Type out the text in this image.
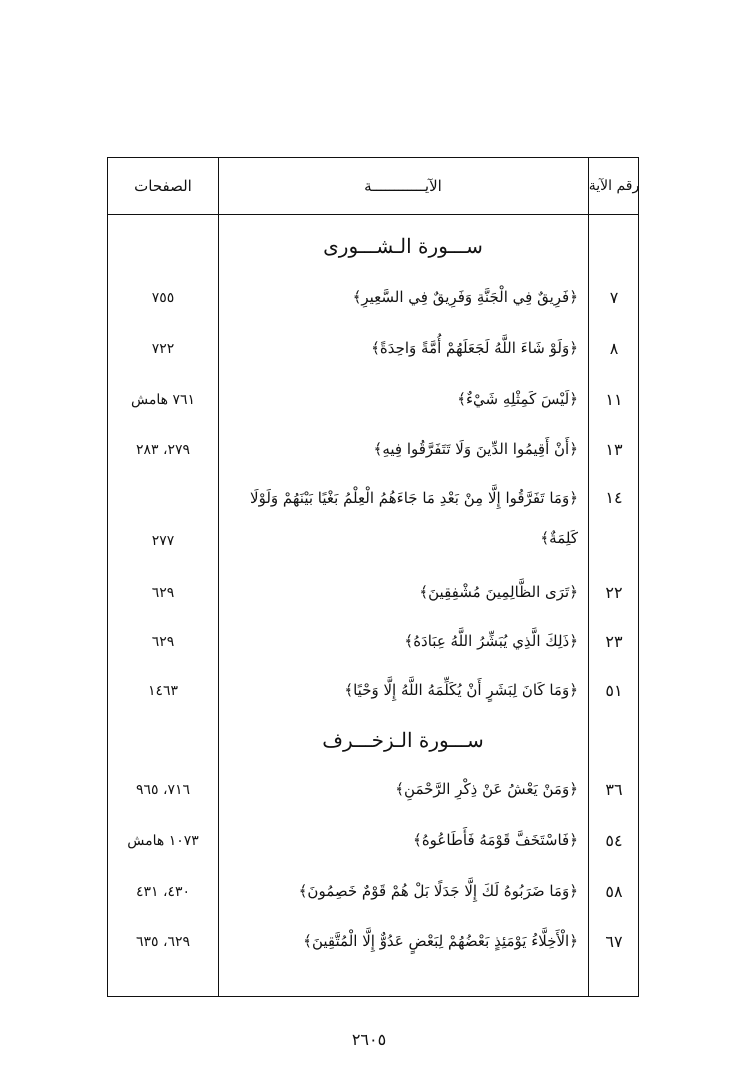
الصفحات	الآيــــــــــــة	رقم الآية
ســـورة الـشـــورى
٧
﴿فَرِيقٌ فِي الْجَنَّةِ وَفَرِيقٌ فِي السَّعِيرِ﴾
٧٥٥
٨
﴿وَلَوْ شَاءَ اللَّهُ لَجَعَلَهُمْ أُمَّةً وَاحِدَةً﴾
٧٢٢
١١
﴿لَيْسَ كَمِثْلِهِ شَيْءٌ﴾
٧٦١ هامش
١٣
﴿أَنْ أَقِيمُوا الدِّينَ وَلَا تَتَفَرَّقُوا فِيهِ﴾
٢٧٩، ٢٨٣
١٤
﴿وَمَا تَفَرَّقُوا إِلَّا مِنْ بَعْدِ مَا جَاءَهُمُ الْعِلْمُ بَغْيًا بَيْنَهُمْ وَلَوْلَا كَلِمَةٌ﴾
٢٧٧
٢٢
﴿تَرَى الظَّالِمِينَ مُشْفِقِينَ﴾
٦٢٩
٢٣
﴿ذَلِكَ الَّذِي يُبَشِّرُ اللَّهُ عِبَادَهُ﴾
٦٢٩
٥١
﴿وَمَا كَانَ لِبَشَرٍ أَنْ يُكَلِّمَهُ اللَّهُ إِلَّا وَحْيًا﴾
١٤٦٣
ســـورة الـزخـــرف
٣٦
﴿وَمَنْ يَعْشُ عَنْ ذِكْرِ الرَّحْمَنِ﴾
٧١٦، ٩٦٥
٥٤
﴿فَاسْتَخَفَّ قَوْمَهُ فَأَطَاعُوهُ﴾
١٠٧٣ هامش
٥٨
﴿وَمَا ضَرَبُوهُ لَكَ إِلَّا جَدَلًا بَلْ هُمْ قَوْمٌ خَصِمُونَ﴾
٤٣٠، ٤٣١
٦٧
﴿الْأَخِلَّاءُ يَوْمَئِذٍ بَعْضُهُمْ لِبَعْضٍ عَدُوٌّ إِلَّا الْمُتَّقِينَ﴾
٦٢٩، ٦٣٥
٢٦٠٥
